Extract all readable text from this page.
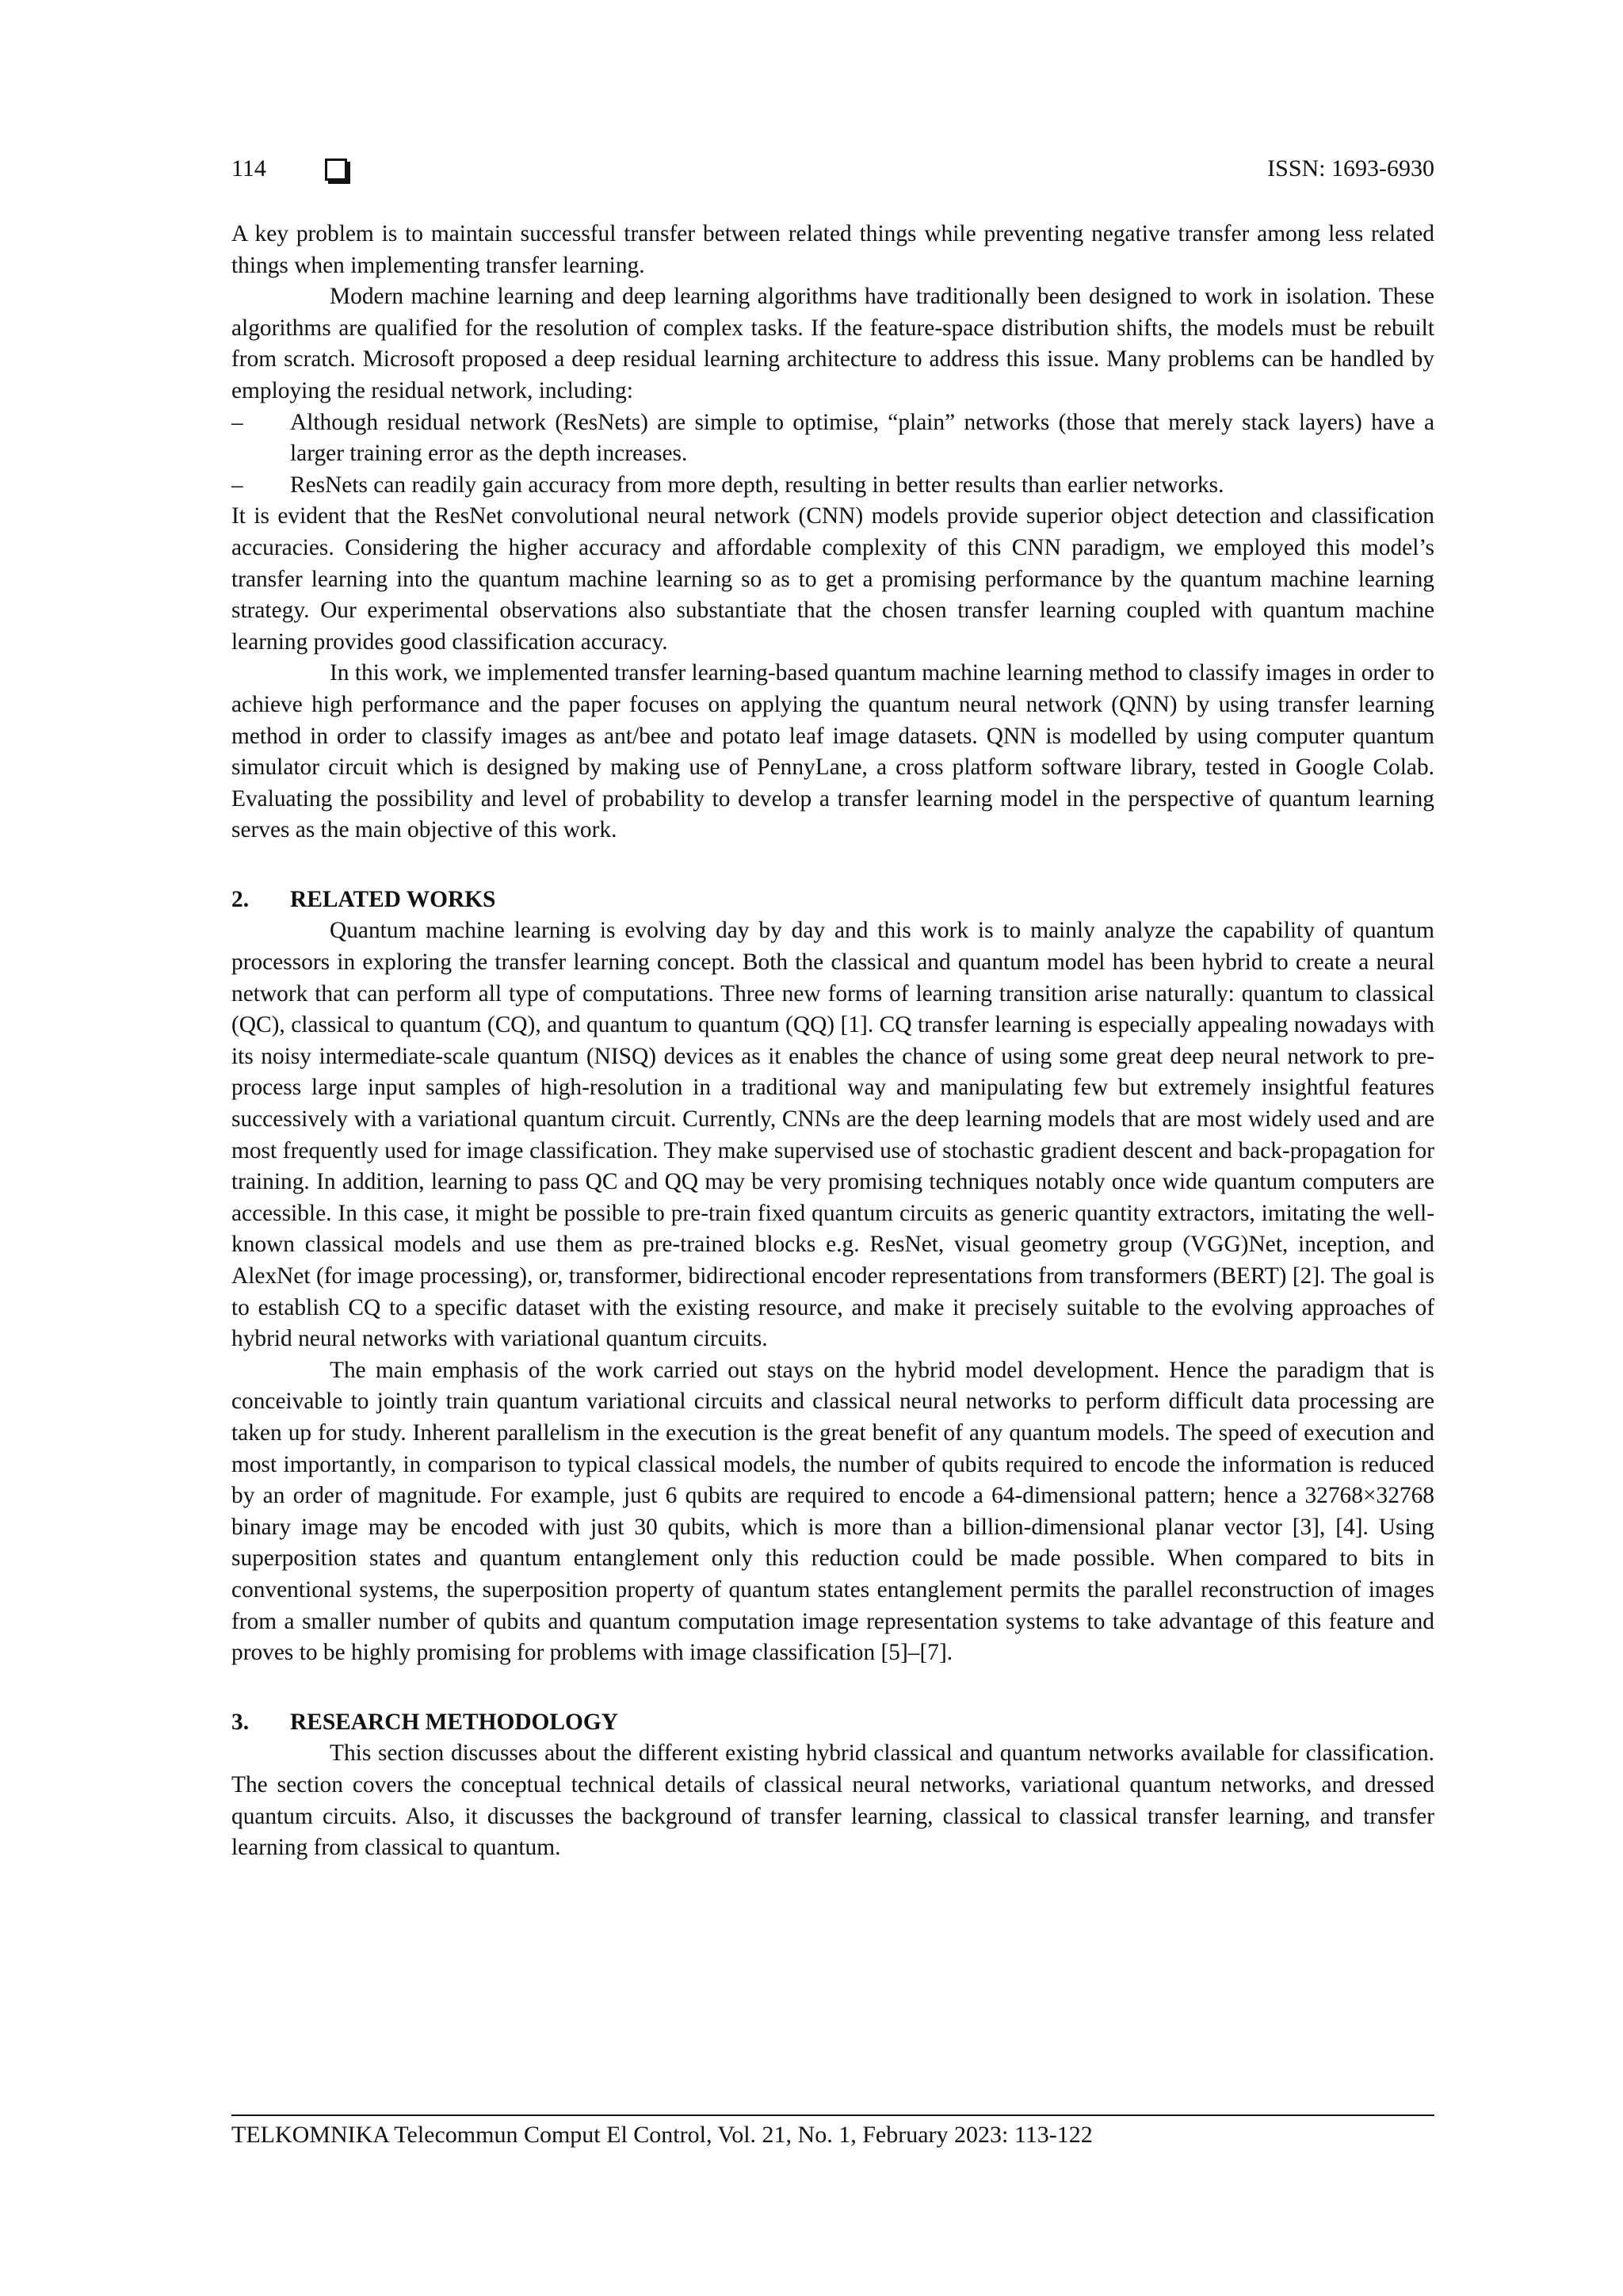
114	ISSN: 1693-6930

A key problem is to maintain successful transfer between related things while preventing negative transfer among less related things when implementing transfer learning.

Modern machine learning and deep learning algorithms have traditionally been designed to work in isolation. These algorithms are qualified for the resolution of complex tasks. If the feature-space distribution shifts, the models must be rebuilt from scratch. Microsoft proposed a deep residual learning architecture to address this issue. Many problems can be handled by employing the residual network, including:

– Although residual network (ResNets) are simple to optimise, “plain” networks (those that merely stack layers) have a larger training error as the depth increases.
– ResNets can readily gain accuracy from more depth, resulting in better results than earlier networks.

It is evident that the ResNet convolutional neural network (CNN) models provide superior object detection and classification accuracies. Considering the higher accuracy and affordable complexity of this CNN paradigm, we employed this model’s transfer learning into the quantum machine learning so as to get a promising performance by the quantum machine learning strategy. Our experimental observations also substantiate that the chosen transfer learning coupled with quantum machine learning provides good classification accuracy.

In this work, we implemented transfer learning-based quantum machine learning method to classify images in order to achieve high performance and the paper focuses on applying the quantum neural network (QNN) by using transfer learning method in order to classify images as ant/bee and potato leaf image datasets. QNN is modelled by using computer quantum simulator circuit which is designed by making use of PennyLane, a cross platform software library, tested in Google Colab. Evaluating the possibility and level of probability to develop a transfer learning model in the perspective of quantum learning serves as the main objective of this work.

2. RELATED WORKS

Quantum machine learning is evolving day by day and this work is to mainly analyze the capability of quantum processors in exploring the transfer learning concept. Both the classical and quantum model has been hybrid to create a neural network that can perform all type of computations. Three new forms of learning transition arise naturally: quantum to classical (QC), classical to quantum (CQ), and quantum to quantum (QQ) [1]. CQ transfer learning is especially appealing nowadays with its noisy intermediate-scale quantum (NISQ) devices as it enables the chance of using some great deep neural network to pre-process large input samples of high-resolution in a traditional way and manipulating few but extremely insightful features successively with a variational quantum circuit. Currently, CNNs are the deep learning models that are most widely used and are most frequently used for image classification. They make supervised use of stochastic gradient descent and back-propagation for training. In addition, learning to pass QC and QQ may be very promising techniques notably once wide quantum computers are accessible. In this case, it might be possible to pre-train fixed quantum circuits as generic quantity extractors, imitating the well-known classical models and use them as pre-trained blocks e.g. ResNet, visual geometry group (VGG)Net, inception, and AlexNet (for image processing), or, transformer, bidirectional encoder representations from transformers (BERT) [2]. The goal is to establish CQ to a specific dataset with the existing resource, and make it precisely suitable to the evolving approaches of hybrid neural networks with variational quantum circuits.

The main emphasis of the work carried out stays on the hybrid model development. Hence the paradigm that is conceivable to jointly train quantum variational circuits and classical neural networks to perform difficult data processing are taken up for study. Inherent parallelism in the execution is the great benefit of any quantum models. The speed of execution and most importantly, in comparison to typical classical models, the number of qubits required to encode the information is reduced by an order of magnitude. For example, just 6 qubits are required to encode a 64-dimensional pattern; hence a 32768×32768 binary image may be encoded with just 30 qubits, which is more than a billion-dimensional planar vector [3], [4]. Using superposition states and quantum entanglement only this reduction could be made possible. When compared to bits in conventional systems, the superposition property of quantum states entanglement permits the parallel reconstruction of images from a smaller number of qubits and quantum computation image representation systems to take advantage of this feature and proves to be highly promising for problems with image classification [5]–[7].

3. RESEARCH METHODOLOGY

This section discusses about the different existing hybrid classical and quantum networks available for classification. The section covers the conceptual technical details of classical neural networks, variational quantum networks, and dressed quantum circuits. Also, it discusses the background of transfer learning, classical to classical transfer learning, and transfer learning from classical to quantum.

TELKOMNIKA Telecommun Comput El Control, Vol. 21, No. 1, February 2023: 113-122
